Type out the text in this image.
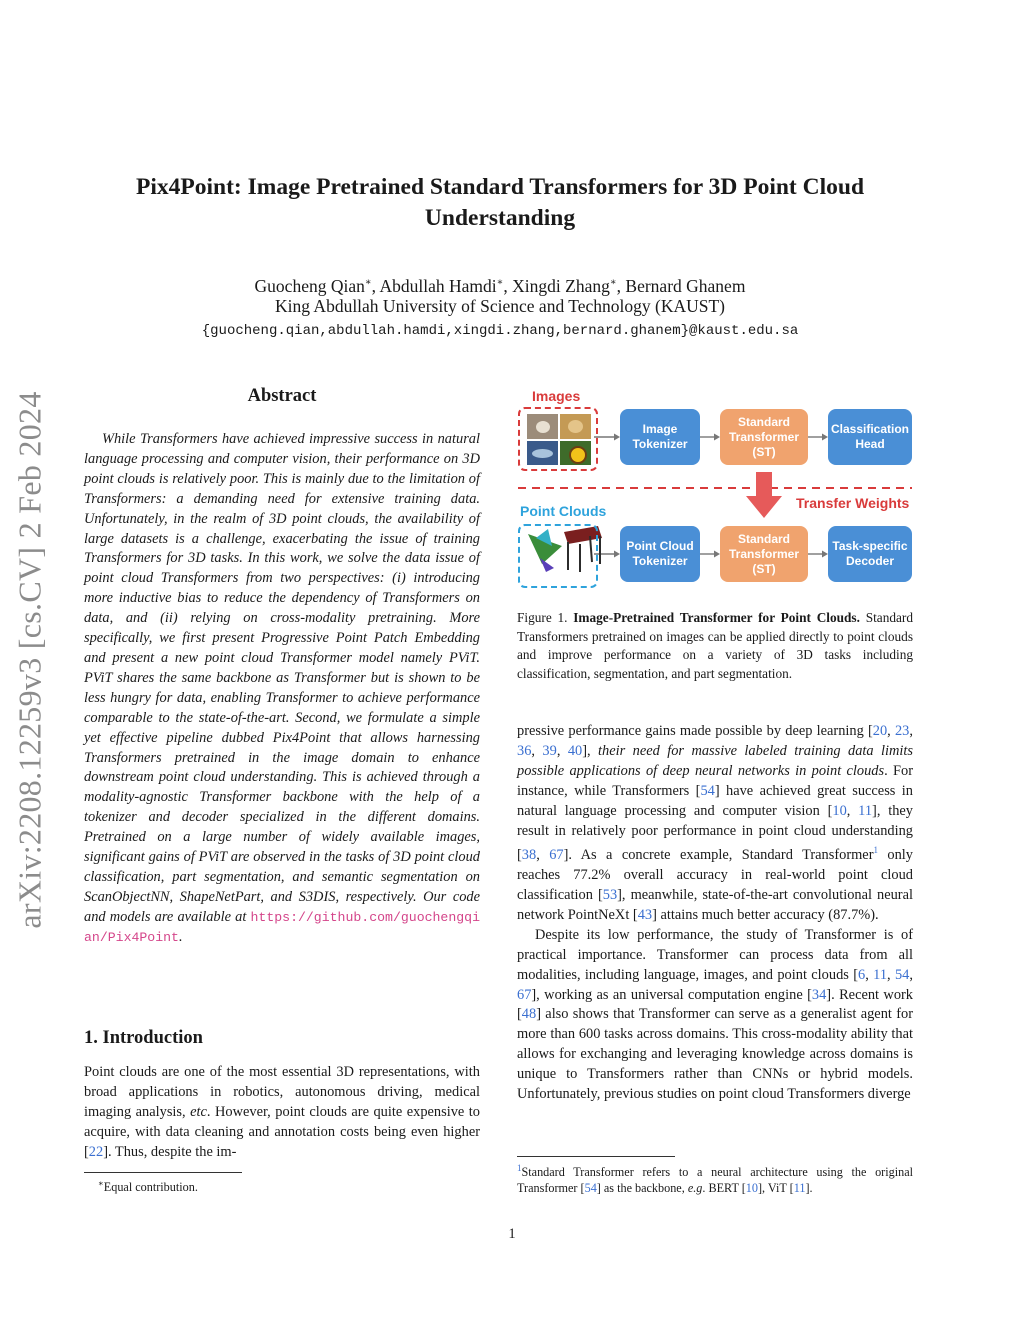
arXiv:2208.12259v3 [cs.CV] 2 Feb 2024
Pix4Point: Image Pretrained Standard Transformers for 3D Point Cloud Understanding
Guocheng Qian∗, Abdullah Hamdi∗, Xingdi Zhang∗, Bernard Ghanem
King Abdullah University of Science and Technology (KAUST)
{guocheng.qian,abdullah.hamdi,xingdi.zhang,bernard.ghanem}@kaust.edu.sa
Abstract
While Transformers have achieved impressive success in natural language processing and computer vision, their performance on 3D point clouds is relatively poor. This is mainly due to the limitation of Transformers: a demanding need for extensive training data. Unfortunately, in the realm of 3D point clouds, the availability of large datasets is a challenge, exacerbating the issue of training Transformers for 3D tasks. In this work, we solve the data issue of point cloud Transformers from two perspectives: (i) introducing more inductive bias to reduce the dependency of Transformers on data, and (ii) relying on cross-modality pretraining. More specifically, we first present Progressive Point Patch Embedding and present a new point cloud Transformer model namely PViT. PViT shares the same backbone as Transformer but is shown to be less hungry for data, enabling Transformer to achieve performance comparable to the state-of-the-art. Second, we formulate a simple yet effective pipeline dubbed Pix4Point that allows harnessing Transformers pretrained in the image domain to enhance downstream point cloud understanding. This is achieved through a modality-agnostic Transformer backbone with the help of a tokenizer and decoder specialized in the different domains. Pretrained on a large number of widely available images, significant gains of PViT are observed in the tasks of 3D point cloud classification, part segmentation, and semantic segmentation on ScanObjectNN, ShapeNetPart, and S3DIS, respectively. Our code and models are available at https://github.com/guochengqian/Pix4Point.
1. Introduction
Point clouds are one of the most essential 3D representations, with broad applications in robotics, autonomous driving, medical imaging analysis, etc. However, point clouds are quite expensive to acquire, with data cleaning and annotation costs being even higher [22]. Thus, despite the im-
∗Equal contribution.
Images
Image Tokenizer
Standard Transformer (ST)
Classification Head
Transfer Weights
Point Clouds
Point Cloud Tokenizer
Standard Transformer (ST)
Task-specific Decoder
Figure 1. Image-Pretrained Transformer for Point Clouds. Standard Transformers pretrained on images can be applied directly to point clouds and improve performance on a variety of 3D tasks including classification, segmentation, and part segmentation.

pressive performance gains made possible by deep learning [20, 23, 36, 39, 40], their need for massive labeled training data limits possible applications of deep neural networks in point clouds. For instance, while Transformers [54] have achieved great success in natural language processing and computer vision [10, 11], they result in relatively poor performance in point cloud understanding [38, 67]. As a concrete example, Standard Transformer$^1$ only reaches 77.2% overall accuracy in real-world point cloud classification [53], meanwhile, state-of-the-art convolutional neural network PointNeXt [43] attains much better accuracy (87.7%).

Despite its low performance, the study of Transformer is of practical importance. Transformer can process data from all modalities, including language, images, and point clouds [6, 11, 54, 67], working as an universal computation engine [34]. Recent work [48] also shows that Transformer can serve as a generalist agent for more than 600 tasks across domains. This cross-modality ability that allows for exchanging and leveraging knowledge across domains is unique to Transformers rather than CNNs or hybrid models. Unfortunately, previous studies on point cloud Transformers diverge

$^1$Standard Transformer refers to a neural architecture using the original Transformer [54] as the backbone, e.g. BERT [10], ViT [11].
1
